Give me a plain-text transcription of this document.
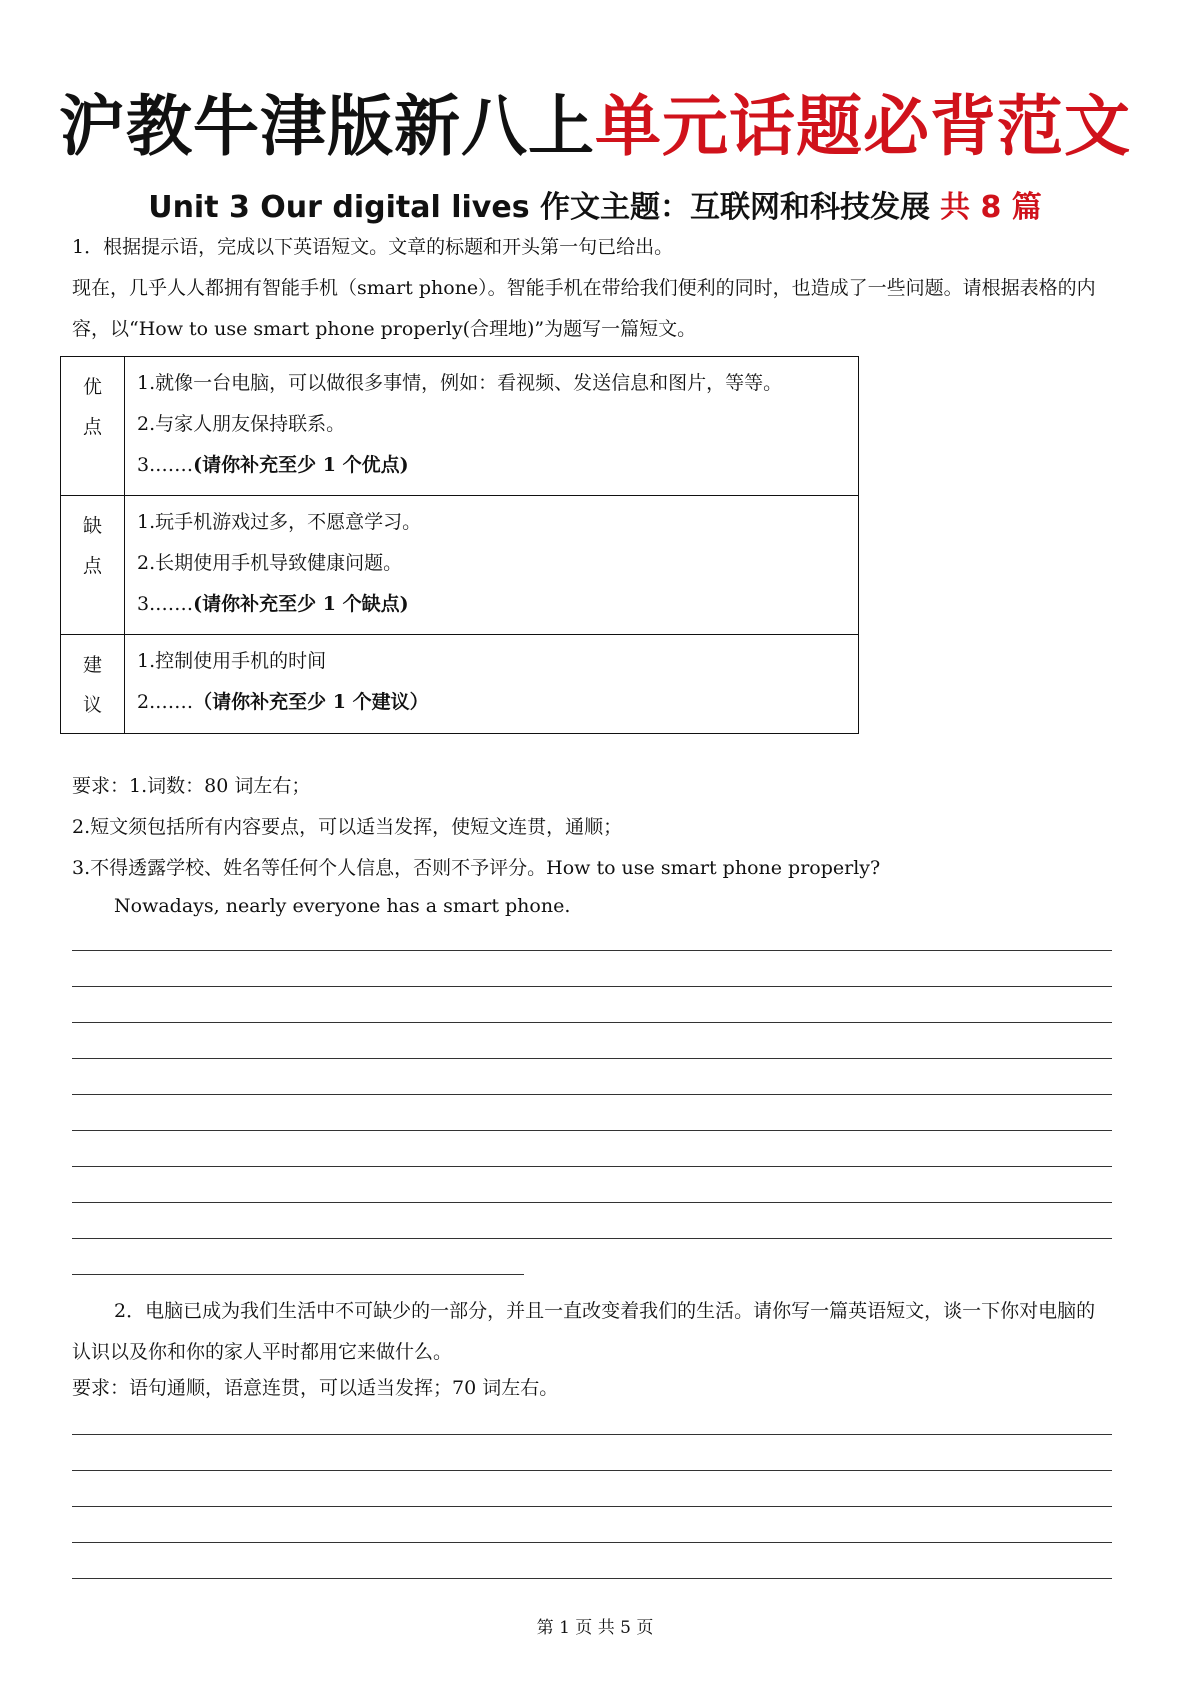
沪教牛津版新八上单元话题必背范文
Unit 3 Our digital lives 作文主题：互联网和科技发展 共 8 篇
1．根据提示语，完成以下英语短文。文章的标题和开头第一句已给出。
现在，几乎人人都拥有智能手机（smart phone）。智能手机在带给我们便利的同时，也造成了一些问题。请根据表格的内容，以“How to use smart phone properly(合理地)”为题写一篇短文。
优点	1.就像一台电脑，可以做很多事情，例如：看视频、发送信息和图片，等等。
2.与家人朋友保持联系。
3.……(请你补充至少 1 个优点)

缺点	1.玩手机游戏过多，不愿意学习。
2.长期使用手机导致健康问题。
3.……(请你补充至少 1 个缺点)

建议	1.控制使用手机的时间
2.……（请你补充至少 1 个建议）
要求：1.词数：80 词左右；
2.短文须包括所有内容要点，可以适当发挥，使短文连贯，通顺；
3.不得透露学校、姓名等任何个人信息，否则不予评分。How to use smart phone properly?
Nowadays, nearly everyone has a smart phone.
2．电脑已成为我们生活中不可缺少的一部分，并且一直改变着我们的生活。请你写一篇英语短文，谈一下你对电脑的认识以及你和你的家人平时都用它来做什么。
要求：语句通顺，语意连贯，可以适当发挥；70 词左右。
第 1 页 共 5 页
